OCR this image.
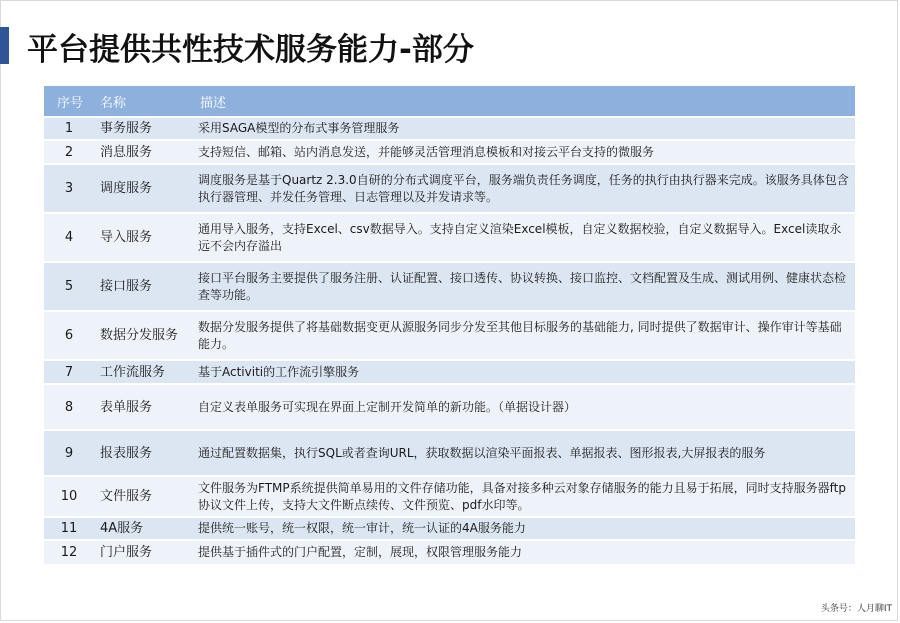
平台提供共性技术服务能力-部分
序号	名称	描述
1	事务服务	采用SAGA模型的分布式事务管理服务
2	消息服务	支持短信、邮箱、站内消息发送，并能够灵活管理消息模板和对接云平台支持的微服务
3	调度服务	调度服务是基于Quartz 2.3.0自研的分布式调度平台，服务端负责任务调度，任务的执行由执行器来完成。该服务具体包含执行器管理、并发任务管理、日志管理以及并发请求等。
4	导入服务	通用导入服务，支持Excel、csv数据导入。支持自定义渲染Excel模板，自定义数据校验，自定义数据导入。Excel读取永远不会内存溢出
5	接口服务	接口平台服务主要提供了服务注册、认证配置、接口透传、协议转换、接口监控、文档配置及生成、测试用例、健康状态检查等功能。
6	数据分发服务	数据分发服务提供了将基础数据变更从源服务同步分发至其他目标服务的基础能力, 同时提供了数据审计、操作审计等基础能力。
7	工作流服务	基于Activiti的工作流引擎服务
8	表单服务	自定义表单服务可实现在界面上定制开发简单的新功能。（单据设计器）
9	报表服务	通过配置数据集，执行SQL或者查询URL，获取数据以渲染平面报表、单据报表、图形报表,大屏报表的服务
10	文件服务	文件服务为FTMP系统提供简单易用的文件存储功能，具备对接多种云对象存储服务的能力且易于拓展，同时支持服务器ftp协议文件上传，支持大文件断点续传、文件预览、pdf水印等。
11	4A服务	提供统一账号，统一权限，统一审计，统一认证的4A服务能力
12	门户服务	提供基于插件式的门户配置，定制，展现，权限管理服务能力
头条号：人月聊IT
